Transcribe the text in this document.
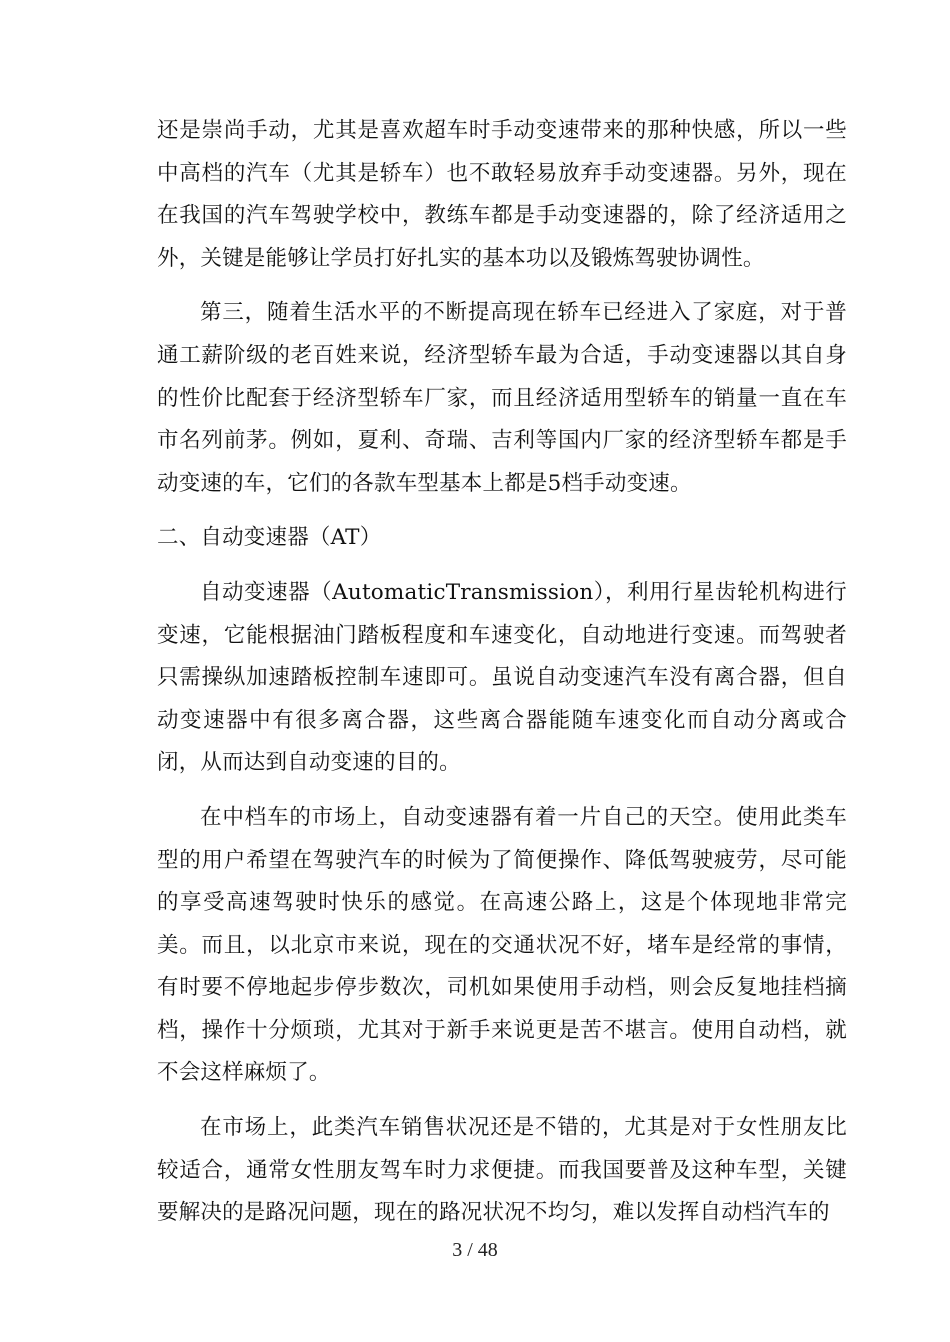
还是崇尚手动，尤其是喜欢超车时手动变速带来的那种快感，所以一些中高档的汽车（尤其是轿车）也不敢轻易放弃手动变速器。另外，现在在我国的汽车驾驶学校中，教练车都是手动变速器的，除了经济适用之外，关键是能够让学员打好扎实的基本功以及锻炼驾驶协调性。

第三，随着生活水平的不断提高现在轿车已经进入了家庭，对于普通工薪阶级的老百姓来说，经济型轿车最为合适，手动变速器以其自身的性价比配套于经济型轿车厂家，而且经济适用型轿车的销量一直在车市名列前茅。例如，夏利、奇瑞、吉利等国内厂家的经济型轿车都是手动变速的车，它们的各款车型基本上都是5档手动变速。

二、自动变速器（AT）

自动变速器（AutomaticTransmission），利用行星齿轮机构进行变速，它能根据油门踏板程度和车速变化，自动地进行变速。而驾驶者只需操纵加速踏板控制车速即可。虽说自动变速汽车没有离合器，但自动变速器中有很多离合器，这些离合器能随车速变化而自动分离或合闭，从而达到自动变速的目的。

在中档车的市场上，自动变速器有着一片自己的天空。使用此类车型的用户希望在驾驶汽车的时候为了简便操作、降低驾驶疲劳，尽可能的享受高速驾驶时快乐的感觉。在高速公路上，这是个体现地非常完美。而且，以北京市来说，现在的交通状况不好，堵车是经常的事情，有时要不停地起步停步数次，司机如果使用手动档，则会反复地挂档摘档，操作十分烦琐，尤其对于新手来说更是苦不堪言。使用自动档，就不会这样麻烦了。

在市场上，此类汽车销售状况还是不错的，尤其是对于女性朋友比较适合，通常女性朋友驾车时力求便捷。而我国要普及这种车型，关键要解决的是路况问题，现在的路况状况不均匀，难以发挥自动档汽车的

3 / 48
